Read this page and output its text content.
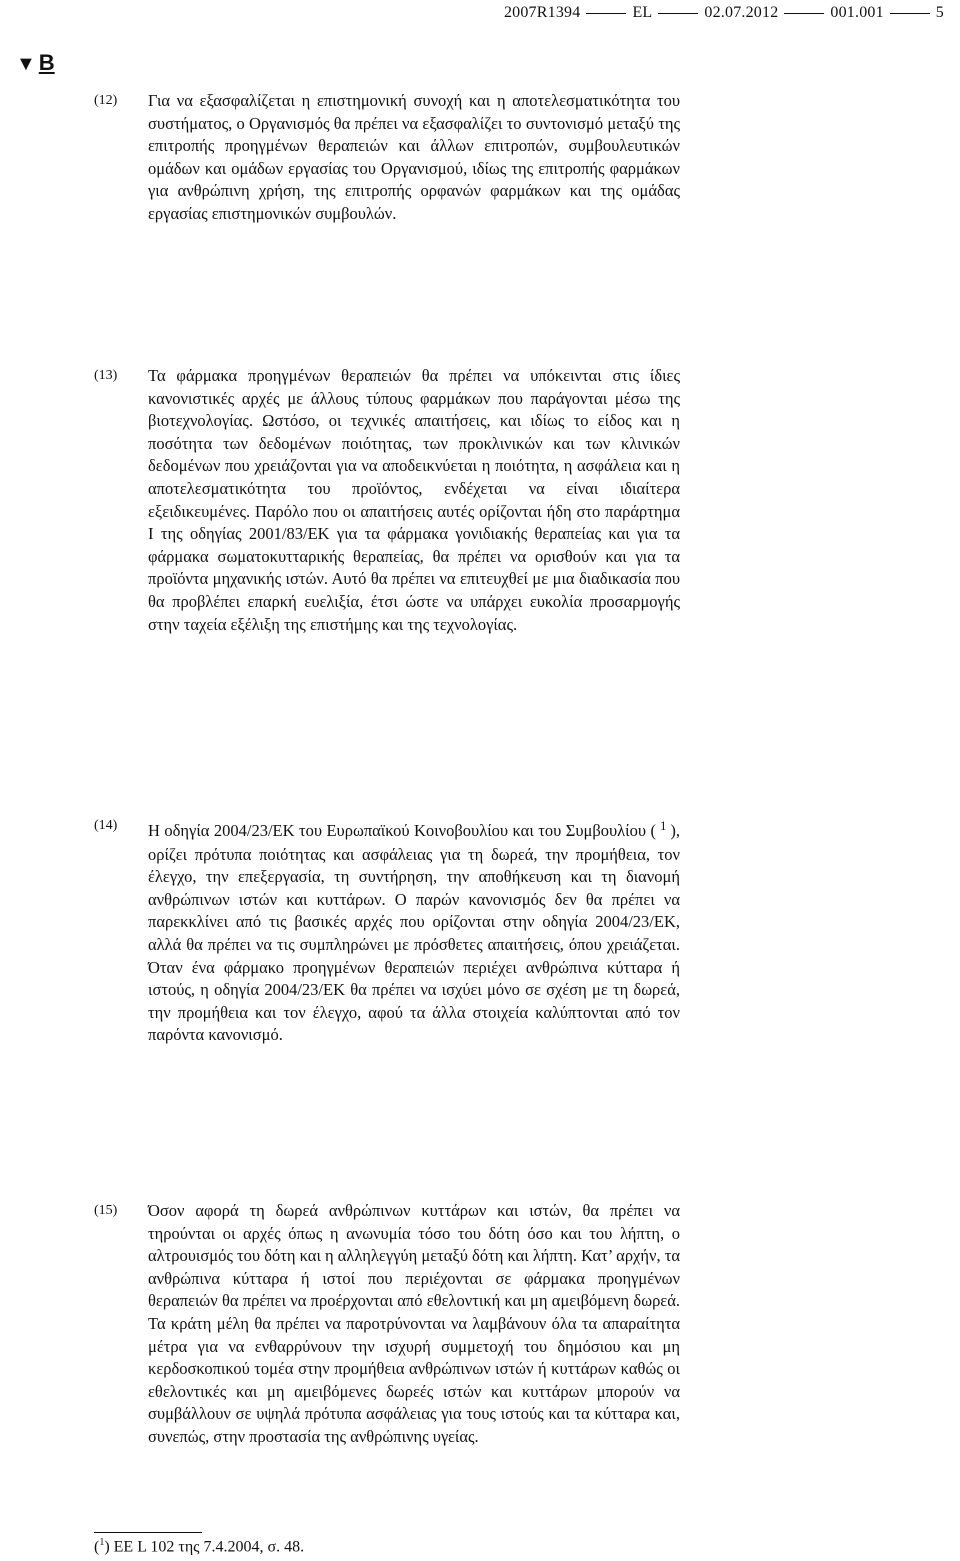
2007R1394	EL	02.07.2012	001.001	5
▼ B
(12) Για να εξασφαλίζεται η επιστημονική συνοχή και η αποτελεσματικότητα του συστήματος, ο Οργανισμός θα πρέπει να εξασφαλίζει το συντονισμό μεταξύ της επιτροπής προηγμένων θεραπειών και άλλων επιτροπών, συμβουλευτικών ομάδων και ομάδων εργασίας του Οργανισμού, ιδίως της επιτροπής φαρμάκων για ανθρώπινη χρήση, της επιτροπής ορφανών φαρμάκων και της ομάδας εργασίας επιστημονικών συμβουλών.
(13) Τα φάρμακα προηγμένων θεραπειών θα πρέπει να υπόκεινται στις ίδιες κανονιστικές αρχές με άλλους τύπους φαρμάκων που παράγονται μέσω της βιοτεχνολογίας. Ωστόσο, οι τεχνικές απαιτήσεις, και ιδίως το είδος και η ποσότητα των δεδομένων ποιότητας, των προκλινικών και των κλινικών δεδομένων που χρειάζονται για να αποδεικνύεται η ποιότητα, η ασφάλεια και η αποτελεσματικότητα του προϊόντος, ενδέχεται να είναι ιδιαίτερα εξειδικευμένες. Παρόλο που οι απαιτήσεις αυτές ορίζονται ήδη στο παράρτημα I της οδηγίας 2001/83/ΕΚ για τα φάρμακα γονιδιακής θεραπείας και για τα φάρμακα σωματοκυτταρικής θεραπείας, θα πρέπει να ορισθούν και για τα προϊόντα μηχανικής ιστών. Αυτό θα πρέπει να επιτευχθεί με μια διαδικασία που θα προβλέπει επαρκή ευελιξία, έτσι ώστε να υπάρχει ευκολία προσαρμογής στην ταχεία εξέλιξη της επιστήμης και της τεχνολογίας.
(14) Η οδηγία 2004/23/ΕΚ του Ευρωπαϊκού Κοινοβουλίου και του Συμβουλίου ( $^1$ ), ορίζει πρότυπα ποιότητας και ασφάλειας για τη δωρεά, την προμήθεια, τον έλεγχο, την επεξεργασία, τη συντήρηση, την αποθήκευση και τη διανομή ανθρώπινων ιστών και κυττάρων. Ο παρών κανονισμός δεν θα πρέπει να παρεκκλίνει από τις βασικές αρχές που ορίζονται στην οδηγία 2004/23/ΕΚ, αλλά θα πρέπει να τις συμπληρώνει με πρόσθετες απαιτήσεις, όπου χρειάζεται. Όταν ένα φάρμακο προηγμένων θεραπειών περιέχει ανθρώπινα κύτταρα ή ιστούς, η οδηγία 2004/23/ΕΚ θα πρέπει να ισχύει μόνο σε σχέση με τη δωρεά, την προμήθεια και τον έλεγχο, αφού τα άλλα στοιχεία καλύπτονται από τον παρόντα κανονισμό.
(15) Όσον αφορά τη δωρεά ανθρώπινων κυττάρων και ιστών, θα πρέπει να τηρούνται οι αρχές όπως η ανωνυμία τόσο του δότη όσο και του λήπτη, ο αλτρουισμός του δότη και η αλληλεγγύη μεταξύ δότη και λήπτη. Κατ’ αρχήν, τα ανθρώπινα κύτταρα ή ιστοί που περιέχονται σε φάρμακα προηγμένων θεραπειών θα πρέπει να προέρχονται από εθελοντική και μη αμειβόμενη δωρεά. Τα κράτη μέλη θα πρέπει να παροτρύνονται να λαμβάνουν όλα τα απαραίτητα μέτρα για να ενθαρρύνουν την ισχυρή συμμετοχή του δημόσιου και μη κερδοσκοπικού τομέα στην προμήθεια ανθρώπινων ιστών ή κυττάρων καθώς οι εθελοντικές και μη αμειβόμενες δωρεές ιστών και κυττάρων μπορούν να συμβάλλουν σε υψηλά πρότυπα ασφάλειας για τους ιστούς και τα κύτταρα και, συνεπώς, στην προστασία της ανθρώπινης υγείας.
($^1$) ΕΕ L 102 της 7.4.2004, σ. 48.
